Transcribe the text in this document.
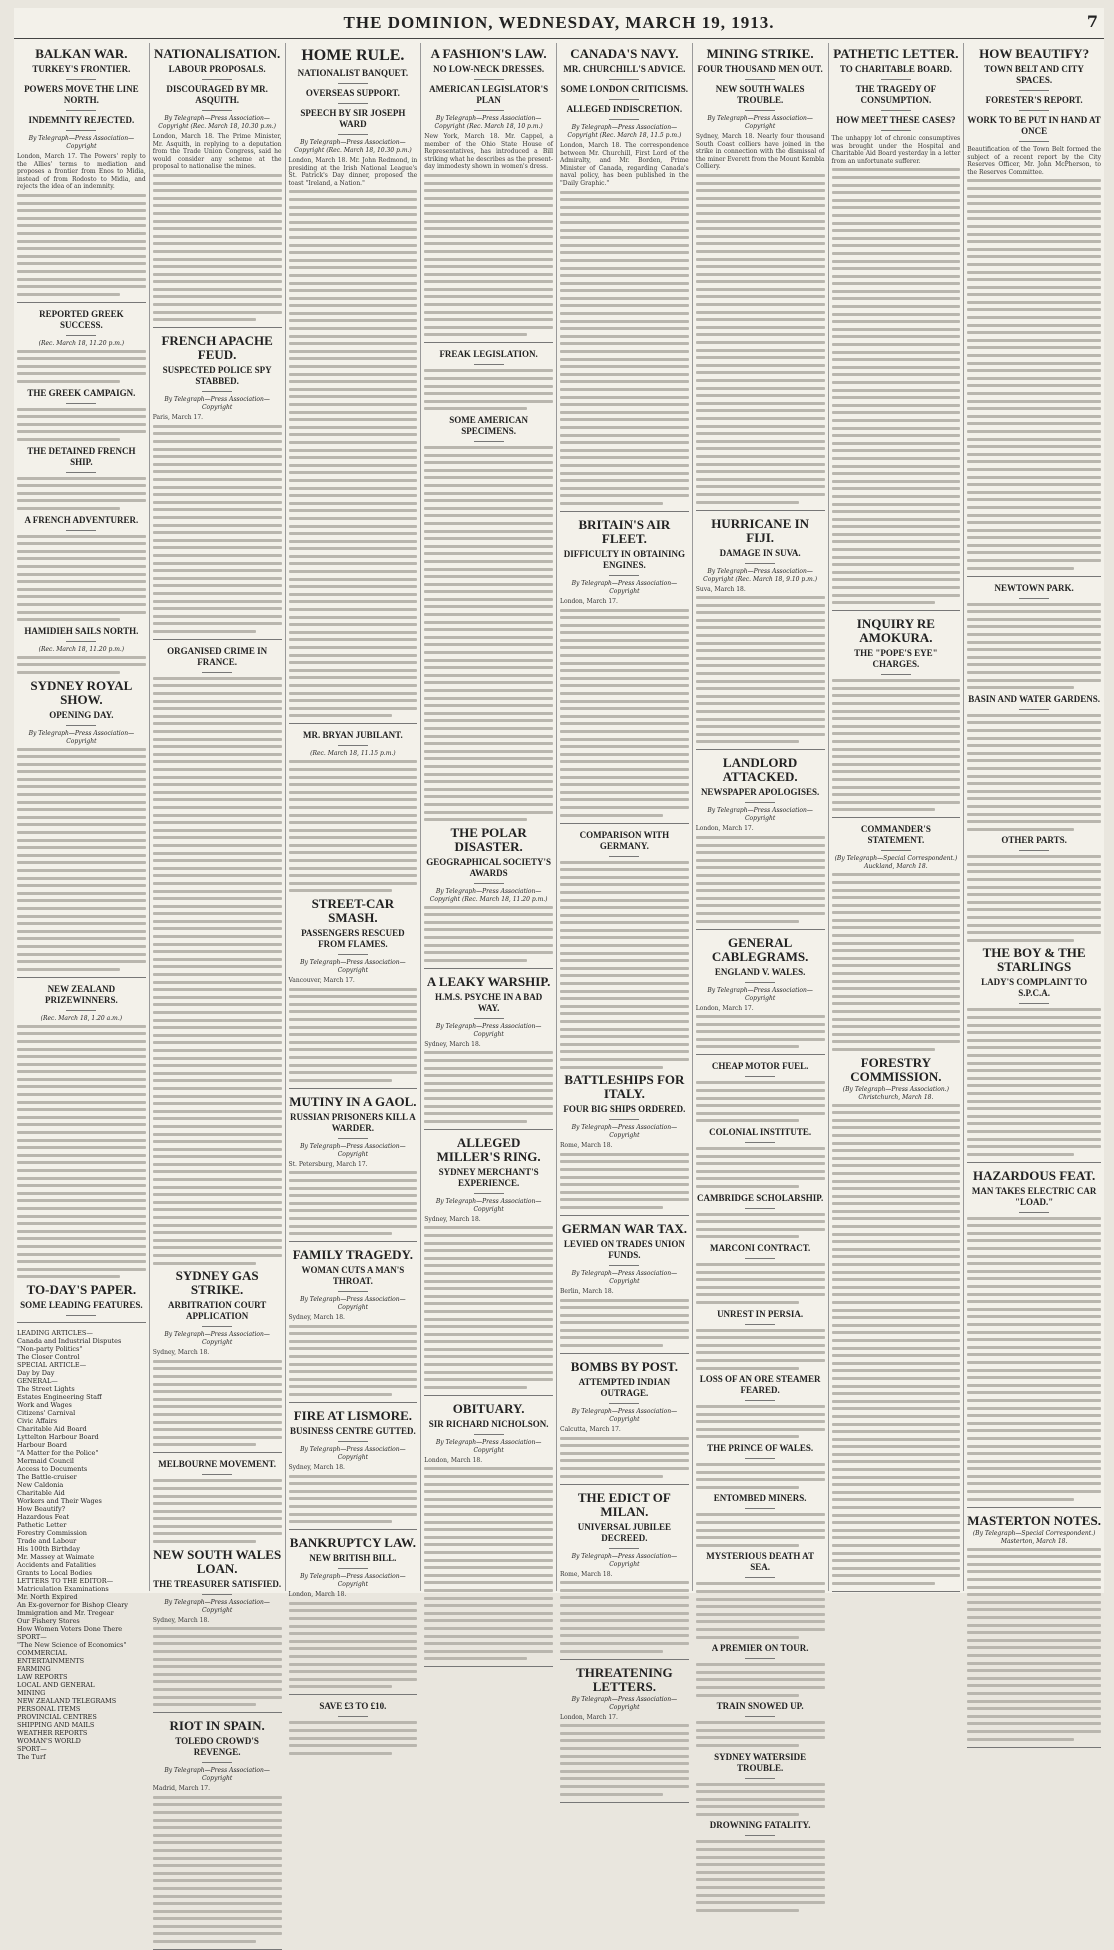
THE DOMINION, WEDNESDAY, MARCH 19, 1913.	7
BALKAN WAR.
TURKEY'S FRONTIER.
POWERS MOVE THE LINE NORTH.
INDEMNITY REJECTED.
By Telegraph—Press Association—Copyright
London, March 17. The Powers' reply to the Allies' terms to mediation and proposes a frontier from Enos to Midia, instead of from Rodosto to Midia, and rejects the idea of an indemnity.
REPORTED GREEK SUCCESS.
(Rec. March 18, 11.20 p.m.)
THE GREEK CAMPAIGN.
THE DETAINED FRENCH SHIP.
A FRENCH ADVENTURER.
HAMIDIEH SAILS NORTH.
(Rec. March 18, 11.20 p.m.)
SYDNEY ROYAL SHOW.
OPENING DAY.
By Telegraph—Press Association—Copyright
NEW ZEALAND PRIZEWINNERS.
(Rec. March 18, 1.20 a.m.)
TO-DAY'S PAPER.
SOME LEADING FEATURES.
LEADING ARTICLES—
Canada and Industrial Disputes
"Non-party Politics"
The Closer Control
SPECIAL ARTICLE—
Day by Day
GENERAL—
The Street Lights
Estates Engineering Staff
Work and Wages
Citizens' Carnival
Civic Affairs
Charitable Aid Board
Lyttelton Harbour Board
Harbour Board
"A Matter for the Police"
Mermaid Council
Access to Documents
The Battle-cruiser
New Caldonia
Charitable Aid
Workers and Their Wages
How Beautify?
Hazardous Feat
Pathetic Letter
Forestry Commission
Trade and Labour
His 100th Birthday
Mr. Massey at Waimate
Accidents and Fatalities
Grants to Local Bodies
LETTERS TO THE EDITOR—
Matriculation Examinations
Mr. North Expired
An Ex-governor for Bishop Cleary
Immigration and Mr. Tregear
Our Fishery Stores
How Women Voters Done There
SPORT—
"The New Science of Economics"
COMMERCIAL
ENTERTAINMENTS
FARMING
LAW REPORTS
LOCAL AND GENERAL
MINING
NEW ZEALAND TELEGRAMS
PERSONAL ITEMS
PROVINCIAL CENTRES
SHIPPING AND MAILS
WEATHER REPORTS
WOMAN'S WORLD
SPORT—
The Turf
NATIONALISATION.
LABOUR PROPOSALS.
DISCOURAGED BY MR. ASQUITH.
By Telegraph—Press Association—Copyright (Rec. March 18, 10.30 p.m.)
London, March 18. The Prime Minister, Mr. Asquith, in replying to a deputation from the Trade Union Congress, said he would consider any scheme at the proposal to nationalise the mines.
FRENCH APACHE FEUD.
SUSPECTED POLICE SPY STABBED.
By Telegraph—Press Association—Copyright
Paris, March 17.
ORGANISED CRIME IN FRANCE.
SYDNEY GAS STRIKE.
ARBITRATION COURT APPLICATION
By Telegraph—Press Association—Copyright
Sydney, March 18.
MELBOURNE MOVEMENT.
NEW SOUTH WALES LOAN.
THE TREASURER SATISFIED.
By Telegraph—Press Association—Copyright
Sydney, March 18.
RIOT IN SPAIN.
TOLEDO CROWD'S REVENGE.
By Telegraph—Press Association—Copyright
Madrid, March 17.
HOME RULE.
NATIONALIST BANQUET.
OVERSEAS SUPPORT.
SPEECH BY SIR JOSEPH WARD
By Telegraph—Press Association—Copyright (Rec. March 18, 10.30 p.m.)
London, March 18. Mr. John Redmond, in presiding at the Irish National League's St. Patrick's Day dinner, proposed the toast "Ireland, a Nation."
MR. BRYAN JUBILANT.
(Rec. March 18, 11.15 p.m.)
STREET-CAR SMASH.
PASSENGERS RESCUED FROM FLAMES.
By Telegraph—Press Association—Copyright
Vancouver, March 17.
MUTINY IN A GAOL.
RUSSIAN PRISONERS KILL A WARDER.
By Telegraph—Press Association—Copyright
St. Petersburg, March 17.
FAMILY TRAGEDY.
WOMAN CUTS A MAN'S THROAT.
By Telegraph—Press Association—Copyright
Sydney, March 18.
FIRE AT LISMORE.
BUSINESS CENTRE GUTTED.
By Telegraph—Press Association—Copyright
Sydney, March 18.
BANKRUPTCY LAW.
NEW BRITISH BILL.
By Telegraph—Press Association—Copyright
London, March 18.
SAVE £3 TO £10.
A FASHION'S LAW.
NO LOW-NECK DRESSES.
AMERICAN LEGISLATOR'S PLAN
By Telegraph—Press Association—Copyright (Rec. March 18, 10 p.m.)
New York, March 18. Mr. Cappel, a member of the Ohio State House of Representatives, has introduced a Bill striking what he describes as the present-day immodesty shown in women's dress.
FREAK LEGISLATION.
SOME AMERICAN SPECIMENS.
THE POLAR DISASTER.
GEOGRAPHICAL SOCIETY'S AWARDS
By Telegraph—Press Association—Copyright (Rec. March 18, 11.20 p.m.)
A LEAKY WARSHIP.
H.M.S. PSYCHE IN A BAD WAY.
By Telegraph—Press Association—Copyright
Sydney, March 18.
ALLEGED MILLER'S RING.
SYDNEY MERCHANT'S EXPERIENCE.
By Telegraph—Press Association—Copyright
Sydney, March 18.
OBITUARY.
SIR RICHARD NICHOLSON.
By Telegraph—Press Association—Copyright
London, March 18.
CANADA'S NAVY.
MR. CHURCHILL'S ADVICE.
SOME LONDON CRITICISMS.
ALLEGED INDISCRETION.
By Telegraph—Press Association—Copyright (Rec. March 18, 11.5 p.m.)
London, March 18. The correspondence between Mr. Churchill, First Lord of the Admiralty, and Mr. Borden, Prime Minister of Canada, regarding Canada's naval policy, has been published in the "Daily Graphic."
BRITAIN'S AIR FLEET.
DIFFICULTY IN OBTAINING ENGINES.
By Telegraph—Press Association—Copyright
London, March 17.
COMPARISON WITH GERMANY.
BATTLESHIPS FOR ITALY.
FOUR BIG SHIPS ORDERED.
By Telegraph—Press Association—Copyright
Rome, March 18.
GERMAN WAR TAX.
LEVIED ON TRADES UNION FUNDS.
By Telegraph—Press Association—Copyright
Berlin, March 18.
BOMBS BY POST.
ATTEMPTED INDIAN OUTRAGE.
By Telegraph—Press Association—Copyright
Calcutta, March 17.
THE EDICT OF MILAN.
UNIVERSAL JUBILEE DECREED.
By Telegraph—Press Association—Copyright
Rome, March 18.
THREATENING LETTERS.
By Telegraph—Press Association—Copyright
London, March 17.
MINING STRIKE.
FOUR THOUSAND MEN OUT.
NEW SOUTH WALES TROUBLE.
By Telegraph—Press Association—Copyright
Sydney, March 18. Nearly four thousand South Coast colliers have joined in the strike in connection with the dismissal of the miner Everett from the Mount Kembla Colliery.
HURRICANE IN FIJI.
DAMAGE IN SUVA.
By Telegraph—Press Association—Copyright (Rec. March 18, 9.10 p.m.)
Suva, March 18.
LANDLORD ATTACKED.
NEWSPAPER APOLOGISES.
By Telegraph—Press Association—Copyright
London, March 17.
GENERAL CABLEGRAMS.
ENGLAND V. WALES.
By Telegraph—Press Association—Copyright
London, March 17.
CHEAP MOTOR FUEL.
COLONIAL INSTITUTE.
CAMBRIDGE SCHOLARSHIP.
MARCONI CONTRACT.
UNREST IN PERSIA.
LOSS OF AN ORE STEAMER FEARED.
THE PRINCE OF WALES.
ENTOMBED MINERS.
MYSTERIOUS DEATH AT SEA.
A PREMIER ON TOUR.
TRAIN SNOWED UP.
SYDNEY WATERSIDE TROUBLE.
DROWNING FATALITY.
PATHETIC LETTER.
TO CHARITABLE BOARD.
THE TRAGEDY OF CONSUMPTION.
HOW MEET THESE CASES?
The unhappy lot of chronic consumptives was brought under the Hospital and Charitable Aid Board yesterday in a letter from an unfortunate sufferer.
INQUIRY RE AMOKURA.
THE "POPE'S EYE" CHARGES.
COMMANDER'S STATEMENT.
(By Telegraph—Special Correspondent.) Auckland, March 18.
FORESTRY COMMISSION.
(By Telegraph—Press Association.) Christchurch, March 18.
HOW BEAUTIFY?
TOWN BELT AND CITY SPACES.
FORESTER'S REPORT.
WORK TO BE PUT IN HAND AT ONCE
Beautification of the Town Belt formed the subject of a recent report by the City Reserves Officer, Mr. John McPherson, to the Reserves Committee.
NEWTOWN PARK.
BASIN AND WATER GARDENS.
OTHER PARTS.
THE BOY & THE STARLINGS
LADY'S COMPLAINT TO S.P.C.A.
HAZARDOUS FEAT.
MAN TAKES ELECTRIC CAR "LOAD."
MASTERTON NOTES.
(By Telegraph—Special Correspondent.) Masterton, March 18.
